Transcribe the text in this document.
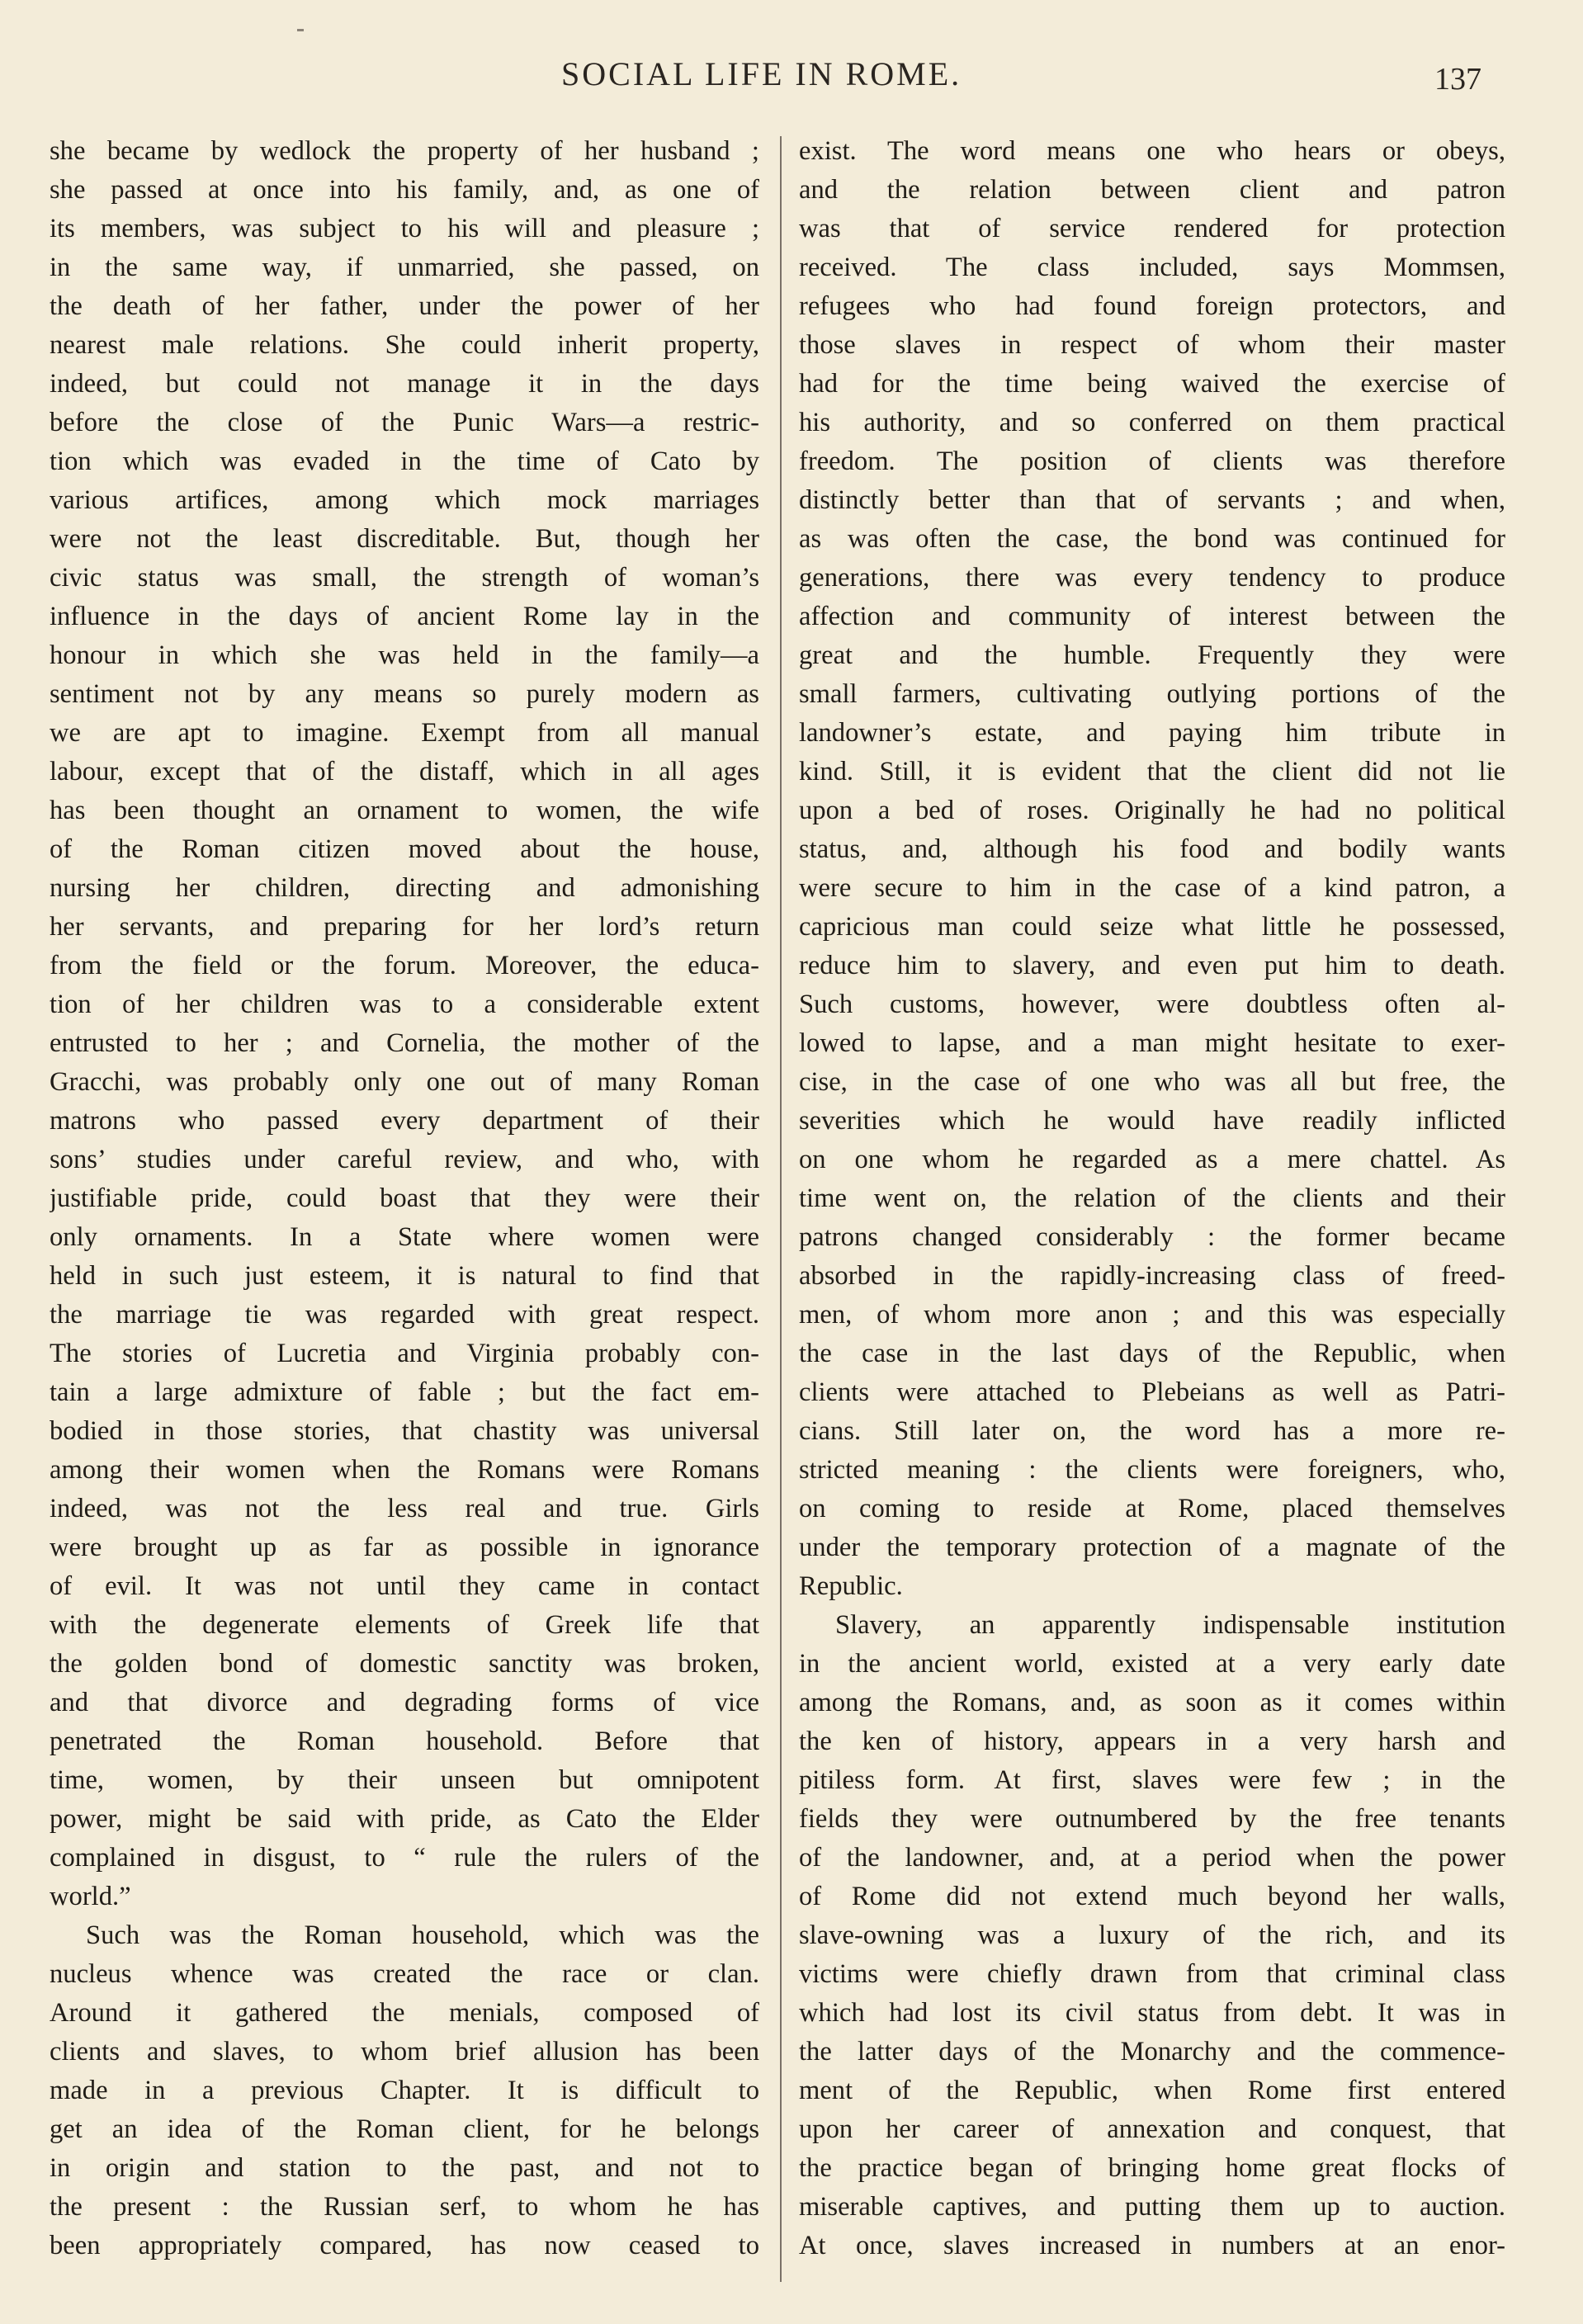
SOCIAL LIFE IN ROME.	137
she became by wedlock the property of her husband ;
she passed at once into his family, and, as one of
its members, was subject to his will and pleasure ;
in the same way, if unmarried, she passed, on
the death of her father, under the power of her
nearest male relations. She could inherit property,
indeed, but could not manage it in the days
before the close of the Punic Wars—a restric-
tion which was evaded in the time of Cato by
various artifices, among which mock marriages
were not the least discreditable. But, though her
civic status was small, the strength of woman’s
influence in the days of ancient Rome lay in the
honour in which she was held in the family—a
sentiment not by any means so purely modern as
we are apt to imagine. Exempt from all manual
labour, except that of the distaff, which in all ages
has been thought an ornament to women, the wife
of the Roman citizen moved about the house,
nursing her children, directing and admonishing
her servants, and preparing for her lord’s return
from the field or the forum. Moreover, the educa-
tion of her children was to a considerable extent
entrusted to her ; and Cornelia, the mother of the
Gracchi, was probably only one out of many Roman
matrons who passed every department of their
sons’ studies under careful review, and who, with
justifiable pride, could boast that they were their
only ornaments. In a State where women were
held in such just esteem, it is natural to find that
the marriage tie was regarded with great respect.
The stories of Lucretia and Virginia probably con-
tain a large admixture of fable ; but the fact em-
bodied in those stories, that chastity was universal
among their women when the Romans were Romans
indeed, was not the less real and true. Girls
were brought up as far as possible in ignorance
of evil. It was not until they came in contact
with the degenerate elements of Greek life that
the golden bond of domestic sanctity was broken,
and that divorce and degrading forms of vice
penetrated the Roman household. Before that
time, women, by their unseen but omnipotent
power, might be said with pride, as Cato the Elder
complained in disgust, to “ rule the rulers of the
world.”
Such was the Roman household, which was the
nucleus whence was created the race or clan.
Around it gathered the menials, composed of
clients and slaves, to whom brief allusion has been
made in a previous Chapter. It is difficult to
get an idea of the Roman client, for he belongs
in origin and station to the past, and not to
the present : the Russian serf, to whom he has
been appropriately compared, has now ceased to
exist. The word means one who hears or obeys,
and the relation between client and patron
was that of service rendered for protection
received. The class included, says Mommsen,
refugees who had found foreign protectors, and
those slaves in respect of whom their master
had for the time being waived the exercise of
his authority, and so conferred on them practical
freedom. The position of clients was therefore
distinctly better than that of servants ; and when,
as was often the case, the bond was continued for
generations, there was every tendency to produce
affection and community of interest between the
great and the humble. Frequently they were
small farmers, cultivating outlying portions of the
landowner’s estate, and paying him tribute in
kind. Still, it is evident that the client did not lie
upon a bed of roses. Originally he had no political
status, and, although his food and bodily wants
were secure to him in the case of a kind patron, a
capricious man could seize what little he possessed,
reduce him to slavery, and even put him to death.
Such customs, however, were doubtless often al-
lowed to lapse, and a man might hesitate to exer-
cise, in the case of one who was all but free, the
severities which he would have readily inflicted
on one whom he regarded as a mere chattel. As
time went on, the relation of the clients and their
patrons changed considerably : the former became
absorbed in the rapidly-increasing class of freed-
men, of whom more anon ; and this was especially
the case in the last days of the Republic, when
clients were attached to Plebeians as well as Patri-
cians. Still later on, the word has a more re-
stricted meaning : the clients were foreigners, who,
on coming to reside at Rome, placed themselves
under the temporary protection of a magnate of the
Republic.
Slavery, an apparently indispensable institution
in the ancient world, existed at a very early date
among the Romans, and, as soon as it comes within
the ken of history, appears in a very harsh and
pitiless form. At first, slaves were few ; in the
fields they were outnumbered by the free tenants
of the landowner, and, at a period when the power
of Rome did not extend much beyond her walls,
slave-owning was a luxury of the rich, and its
victims were chiefly drawn from that criminal class
which had lost its civil status from debt. It was in
the latter days of the Monarchy and the commence-
ment of the Republic, when Rome first entered
upon her career of annexation and conquest, that
the practice began of bringing home great flocks of
miserable captives, and putting them up to auction.
At once, slaves increased in numbers at an enor-
